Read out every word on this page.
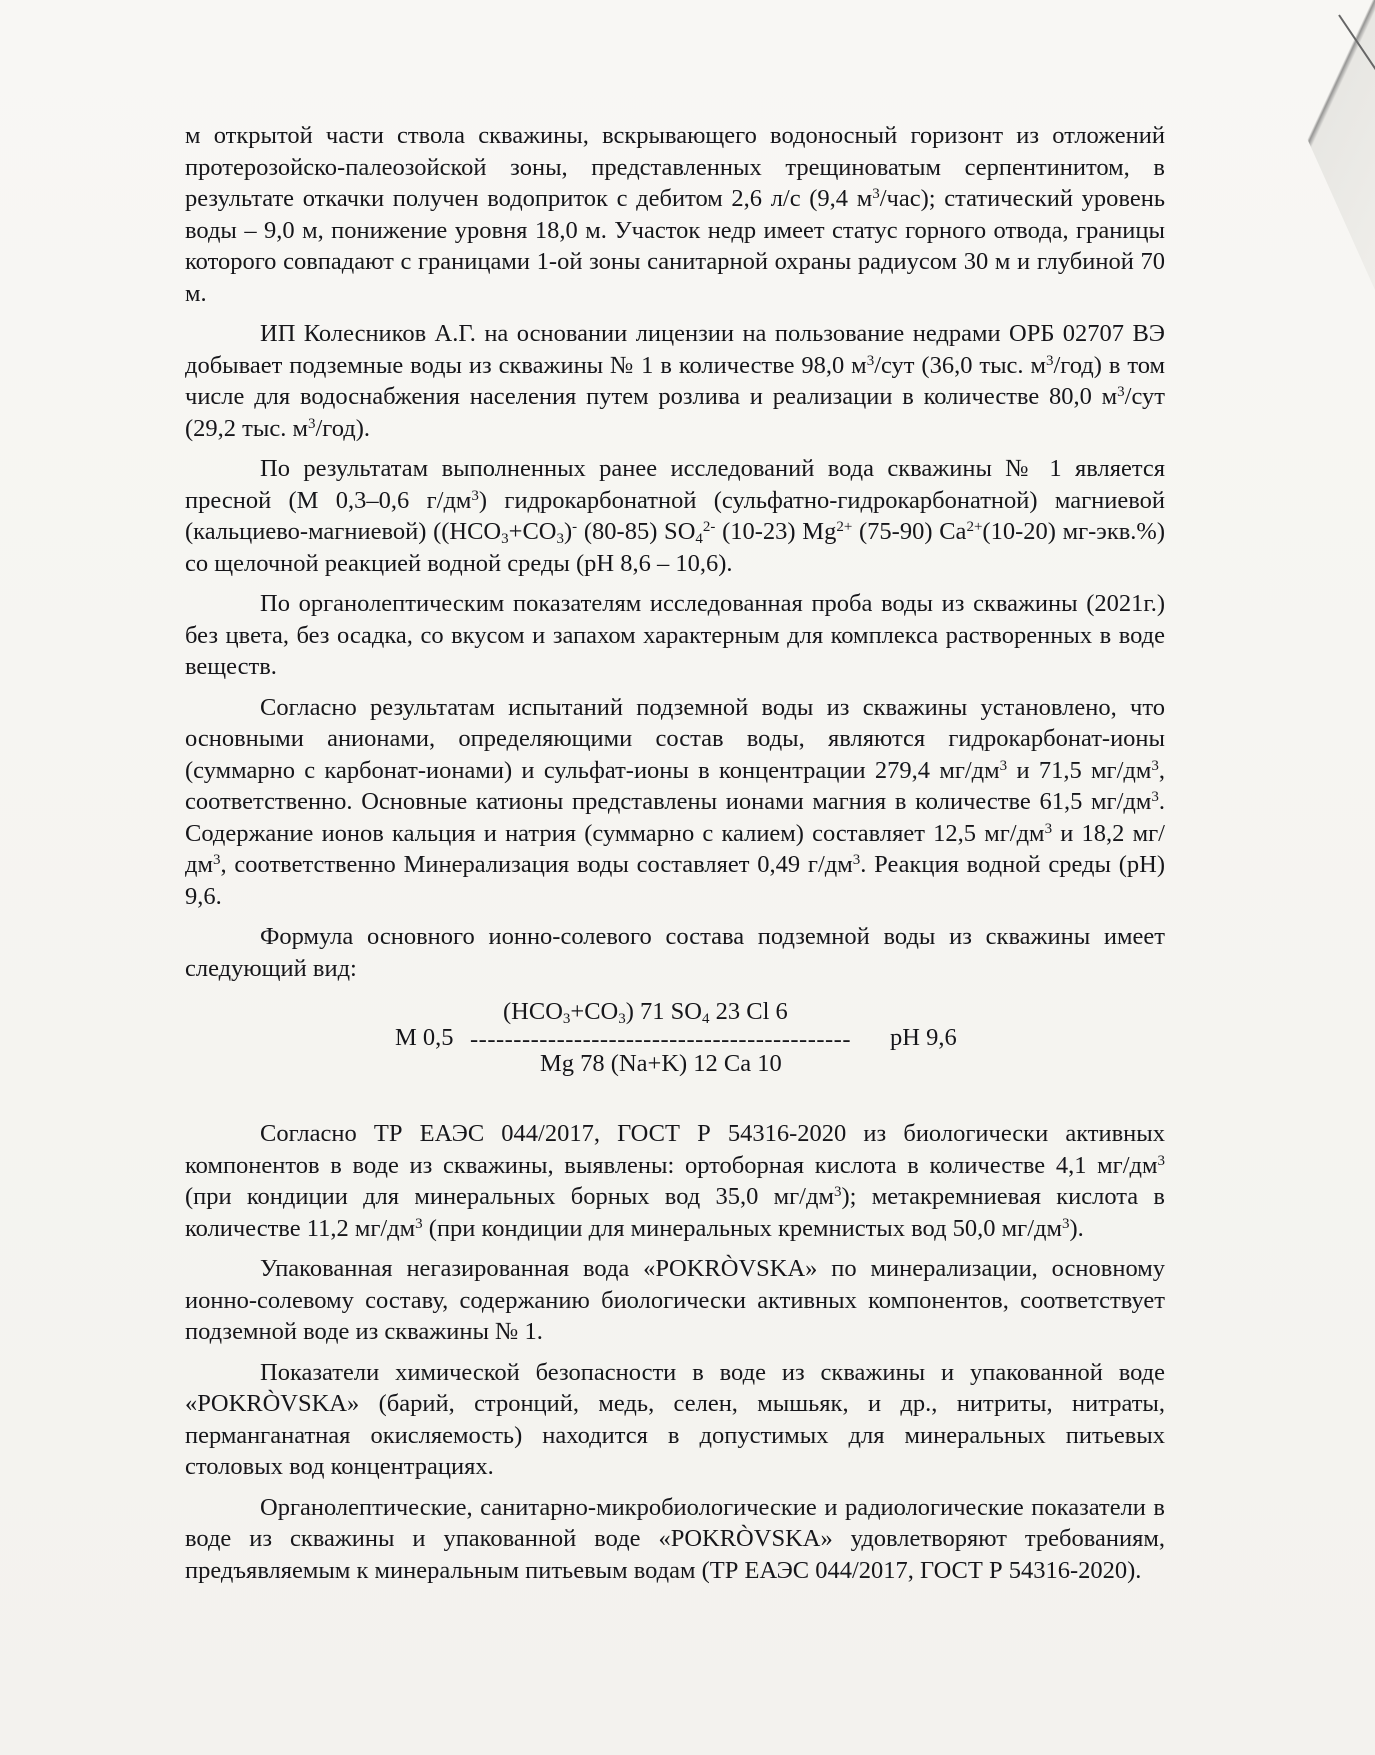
м открытой части ствола скважины, вскрывающего водоносный горизонт из отложений протерозойско-палеозойской зоны, представленных трещиноватым серпентинитом, в результате откачки получен водоприток с дебитом 2,6 л/с (9,4 $м^3/час$); статический уровень воды – 9,0 м, понижение уровня 18,0 м. Участок недр имеет статус горного отвода, границы которого совпадают с границами 1-ой зоны санитарной охраны радиусом 30 м и глубиной 70 м.

ИП Колесников А.Г. на основании лицензии на пользование недрами ОРБ 02707 ВЭ добывает подземные воды из скважины № 1 в количестве 98,0 $м^3$/сут (36,0 тыс. $м^3/год$) в том числе для водоснабжения населения путем розлива и реализации в количестве 80,0 $м^3$/сут (29,2 тыс. $м^3/год$).

По результатам выполненных ранее исследований вода скважины № 1 является пресной (М 0,3–0,6 $г/дм^3$) гидрокарбонатной (сульфатно-гидрокарбонатной) магниевой (кальциево-магниевой) ($(HCO_3+CO_3)^-$ (80-85) $SO_4^{2-}$ (10-23) $Mg^{2+}$ (75-90) $Ca^{2+}(10-20)$ мг-экв.%) со щелочной реакцией водной среды (рН 8,6 – 10,6).

По органолептическим показателям исследованная проба воды из скважины (2021г.) без цвета, без осадка, со вкусом и запахом характерным для комплекса растворенных в воде веществ.

Согласно результатам испытаний подземной воды из скважины установлено, что основными анионами, определяющими состав воды, являются гидрокарбонат-ионы (суммарно с карбонат-ионами) и сульфат-ионы в концентрации 279,4 $мг/дм^3$ и 71,5 $мг/дм^3$, соответственно. Основные катионы представлены ионами магния в количестве 61,5 $мг/дм^3$. Содержание ионов кальция и натрия (суммарно с калием) составляет 12,5 $мг/дм^3$ и 18,2 $мг/дм^3$, соответственно Минерализация воды составляет 0,49 $г/дм^3$. Реакция водной среды (рН) 9,6.

Формула основного ионно-солевого состава подземной воды из скважины имеет следующий вид:

$(HCO_3+CO_3)$ 71 $SO_4$ 23 Cl 6
М 0,5 -------------------------------------------- pH 9,6
Mg 78 (Na+K) 12 Ca 10

Согласно ТР ЕАЭС 044/2017, ГОСТ Р 54316-2020 из биологически активных компонентов в воде из скважины, выявлены: ортоборная кислота в количестве 4,1 $мг/дм^3$ (при кондиции для минеральных борных вод 35,0 $мг/дм^3$); метакремниевая кислота в количестве 11,2 $мг/дм^3$ (при кондиции для минеральных кремнистых вод 50,0 $мг/дм^3$).

Упакованная негазированная вода «POKRÒVSKA» по минерализации, основному ионно-солевому составу, содержанию биологически активных компонентов, соответствует подземной воде из скважины № 1.

Показатели химической безопасности в воде из скважины и упакованной воде «POKRÒVSKA» (барий, стронций, медь, селен, мышьяк, и др., нитриты, нитраты, перманганатная окисляемость) находится в допустимых для минеральных питьевых столовых вод концентрациях.

Органолептические, санитарно-микробиологические и радиологические показатели в воде из скважины и упакованной воде «POKRÒVSKA» удовлетворяют требованиям, предъявляемым к минеральным питьевым водам (ТР ЕАЭС 044/2017, ГОСТ Р 54316-2020).
